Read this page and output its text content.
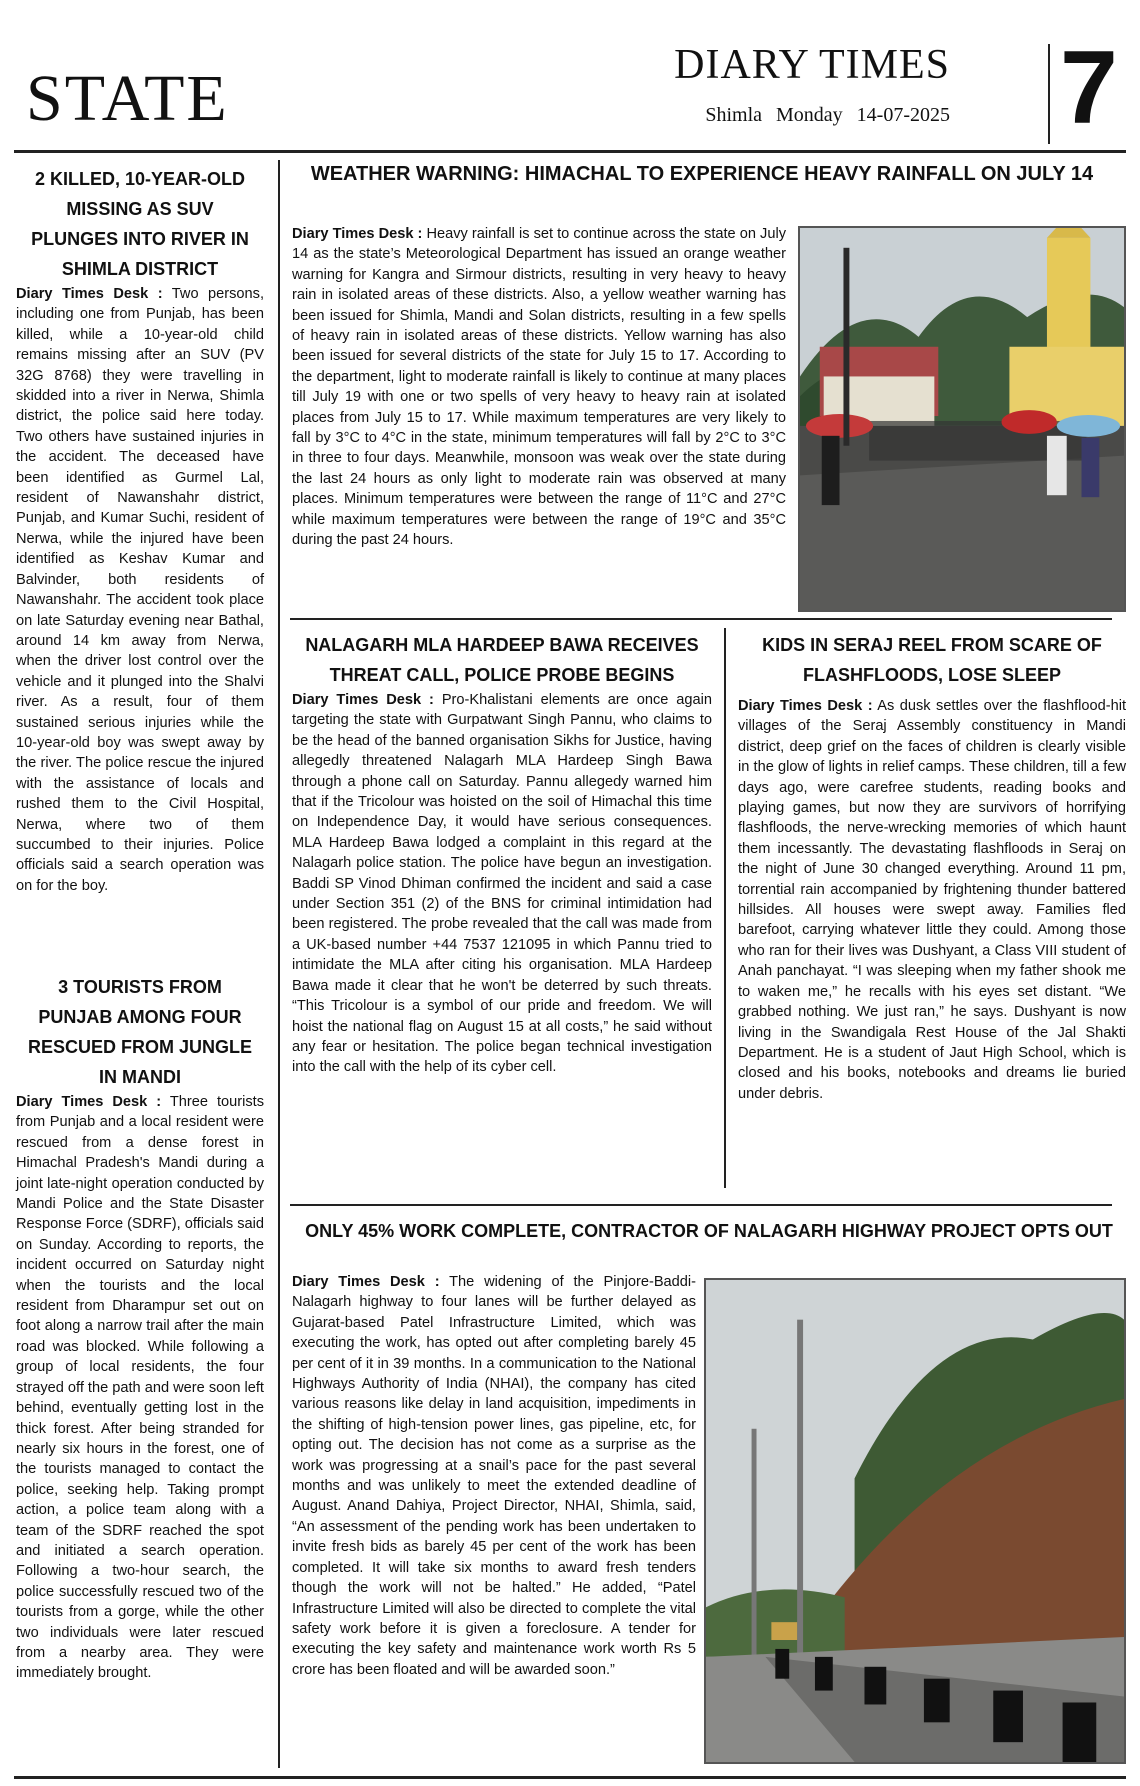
STATE	DIARY TIMES
Shimla Monday 14-07-2025 7
2 KILLED, 10-YEAR-OLD MISSING AS SUV PLUNGES INTO RIVER IN SHIMLA DISTRICT

Diary Times Desk : Two persons, including one from Punjab, has been killed, while a 10-year-old child remains missing after an SUV (PV 32G 8768) they were travelling in skidded into a river in Nerwa, Shimla district, the police said here today. Two others have sustained injuries in the accident. The deceased have been identified as Gurmel Lal, resident of Nawanshahr district, Punjab, and Kumar Suchi, resident of Nerwa, while the injured have been identified as Keshav Kumar and Balvinder, both residents of Nawanshahr. The accident took place on late Saturday evening near Bathal, around 14 km away from Nerwa, when the driver lost control over the vehicle and it plunged into the Shalvi river. As a result, four of them sustained serious injuries while the 10-year-old boy was swept away by the river. The police rescue the injured with the assistance of locals and rushed them to the Civil Hospital, Nerwa, where two of them succumbed to their injuries. Police officials said a search operation was on for the boy.

3 TOURISTS FROM PUNJAB AMONG FOUR RESCUED FROM JUNGLE IN MANDI

Diary Times Desk : Three tourists from Punjab and a local resident were rescued from a dense forest in Himachal Pradesh's Mandi during a joint late-night operation conducted by Mandi Police and the State Disaster Response Force (SDRF), officials said on Sunday. According to reports, the incident occurred on Saturday night when the tourists and the local resident from Dharampur set out on foot along a narrow trail after the main road was blocked. While following a group of local residents, the four strayed off the path and were soon left behind, eventually getting lost in the thick forest. After being stranded for nearly six hours in the forest, one of the tourists managed to contact the police, seeking help. Taking prompt action, a police team along with a team of the SDRF reached the spot and initiated a search operation. Following a two-hour search, the police successfully rescued two of the tourists from a gorge, while the other two individuals were later rescued from a nearby area. They were immediately brought.

WEATHER WARNING: HIMACHAL TO EXPERIENCE HEAVY RAINFALL ON JULY 14

Diary Times Desk : Heavy rainfall is set to continue across the state on July 14 as the state’s Meteorological Department has issued an orange weather warning for Kangra and Sirmour districts, resulting in very heavy to heavy rain in isolated areas of these districts. Also, a yellow weather warning has been issued for Shimla, Mandi and Solan districts, resulting in a few spells of heavy rain in isolated areas of these districts. Yellow warning has also been issued for several districts of the state for July 15 to 17. According to the department, light to moderate rainfall is likely to continue at many places till July 19 with one or two spells of very heavy to heavy rain at isolated places from July 15 to 17. While maximum temperatures are very likely to fall by 3°C to 4°C in the state, minimum temperatures will fall by 2°C to 3°C in three to four days. Meanwhile, monsoon was weak over the state during the last 24 hours as only light to moderate rain was observed at many places. Minimum temperatures were between the range of 11°C and 27°C while maximum temperatures were between the range of 19°C and 35°C during the past 24 hours.

NALAGARH MLA HARDEEP BAWA RECEIVES THREAT CALL, POLICE PROBE BEGINS

Diary Times Desk : Pro-Khalistani elements are once again targeting the state with Gurpatwant Singh Pannu, who claims to be the head of the banned organisation Sikhs for Justice, having allegedly threatened Nalagarh MLA Hardeep Singh Bawa through a phone call on Saturday. Pannu allegedy warned him that if the Tricolour was hoisted on the soil of Himachal this time on Independence Day, it would have serious consequences. MLA Hardeep Bawa lodged a complaint in this regard at the Nalagarh police station. The police have begun an investigation. Baddi SP Vinod Dhiman confirmed the incident and said a case under Section 351 (2) of the BNS for criminal intimidation had been registered. The probe revealed that the call was made from a UK-based number +44 7537 121095 in which Pannu tried to intimidate the MLA after citing his organisation. MLA Hardeep Bawa made it clear that he won't be deterred by such threats. “This Tricolour is a symbol of our pride and freedom. We will hoist the national flag on August 15 at all costs,” he said without any fear or hesitation. The police began technical investigation into the call with the help of its cyber cell.

KIDS IN SERAJ REEL FROM SCARE OF FLASHFLOODS, LOSE SLEEP

Diary Times Desk : As dusk settles over the flashflood-hit villages of the Seraj Assembly constituency in Mandi district, deep grief on the faces of children is clearly visible in the glow of lights in relief camps. These children, till a few days ago, were carefree students, reading books and playing games, but now they are survivors of horrifying flashfloods, the nerve-wrecking memories of which haunt them incessantly. The devastating flashfloods in Seraj on the night of June 30 changed everything. Around 11 pm, torrential rain accompanied by frightening thunder battered hillsides. All houses were swept away. Families fled barefoot, carrying whatever little they could. Among those who ran for their lives was Dushyant, a Class VIII student of Anah panchayat. “I was sleeping when my father shook me to waken me,” he recalls with his eyes set distant. “We grabbed nothing. We just ran,” he says. Dushyant is now living in the Swandigala Rest House of the Jal Shakti Department. He is a student of Jaut High School, which is closed and his books, notebooks and dreams lie buried under debris.

ONLY 45% WORK COMPLETE, CONTRACTOR OF NALAGARH HIGHWAY PROJECT OPTS OUT

Diary Times Desk : The widening of the Pinjore-Baddi-Nalagarh highway to four lanes will be further delayed as Gujarat-based Patel Infrastructure Limited, which was executing the work, has opted out after completing barely 45 per cent of it in 39 months. In a communication to the National Highways Authority of India (NHAI), the company has cited various reasons like delay in land acquisition, impediments in the shifting of high-tension power lines, gas pipeline, etc, for opting out. The decision has not come as a surprise as the work was progressing at a snail’s pace for the past several months and was unlikely to meet the extended deadline of August. Anand Dahiya, Project Director, NHAI, Shimla, said, “An assessment of the pending work has been undertaken to invite fresh bids as barely 45 per cent of the work has been completed. It will take six months to award fresh tenders though the work will not be halted.” He added, “Patel Infrastructure Limited will also be directed to complete the vital safety work before it is given a foreclosure. A tender for executing the key safety and maintenance work worth Rs 5 crore has been floated and will be awarded soon.”
